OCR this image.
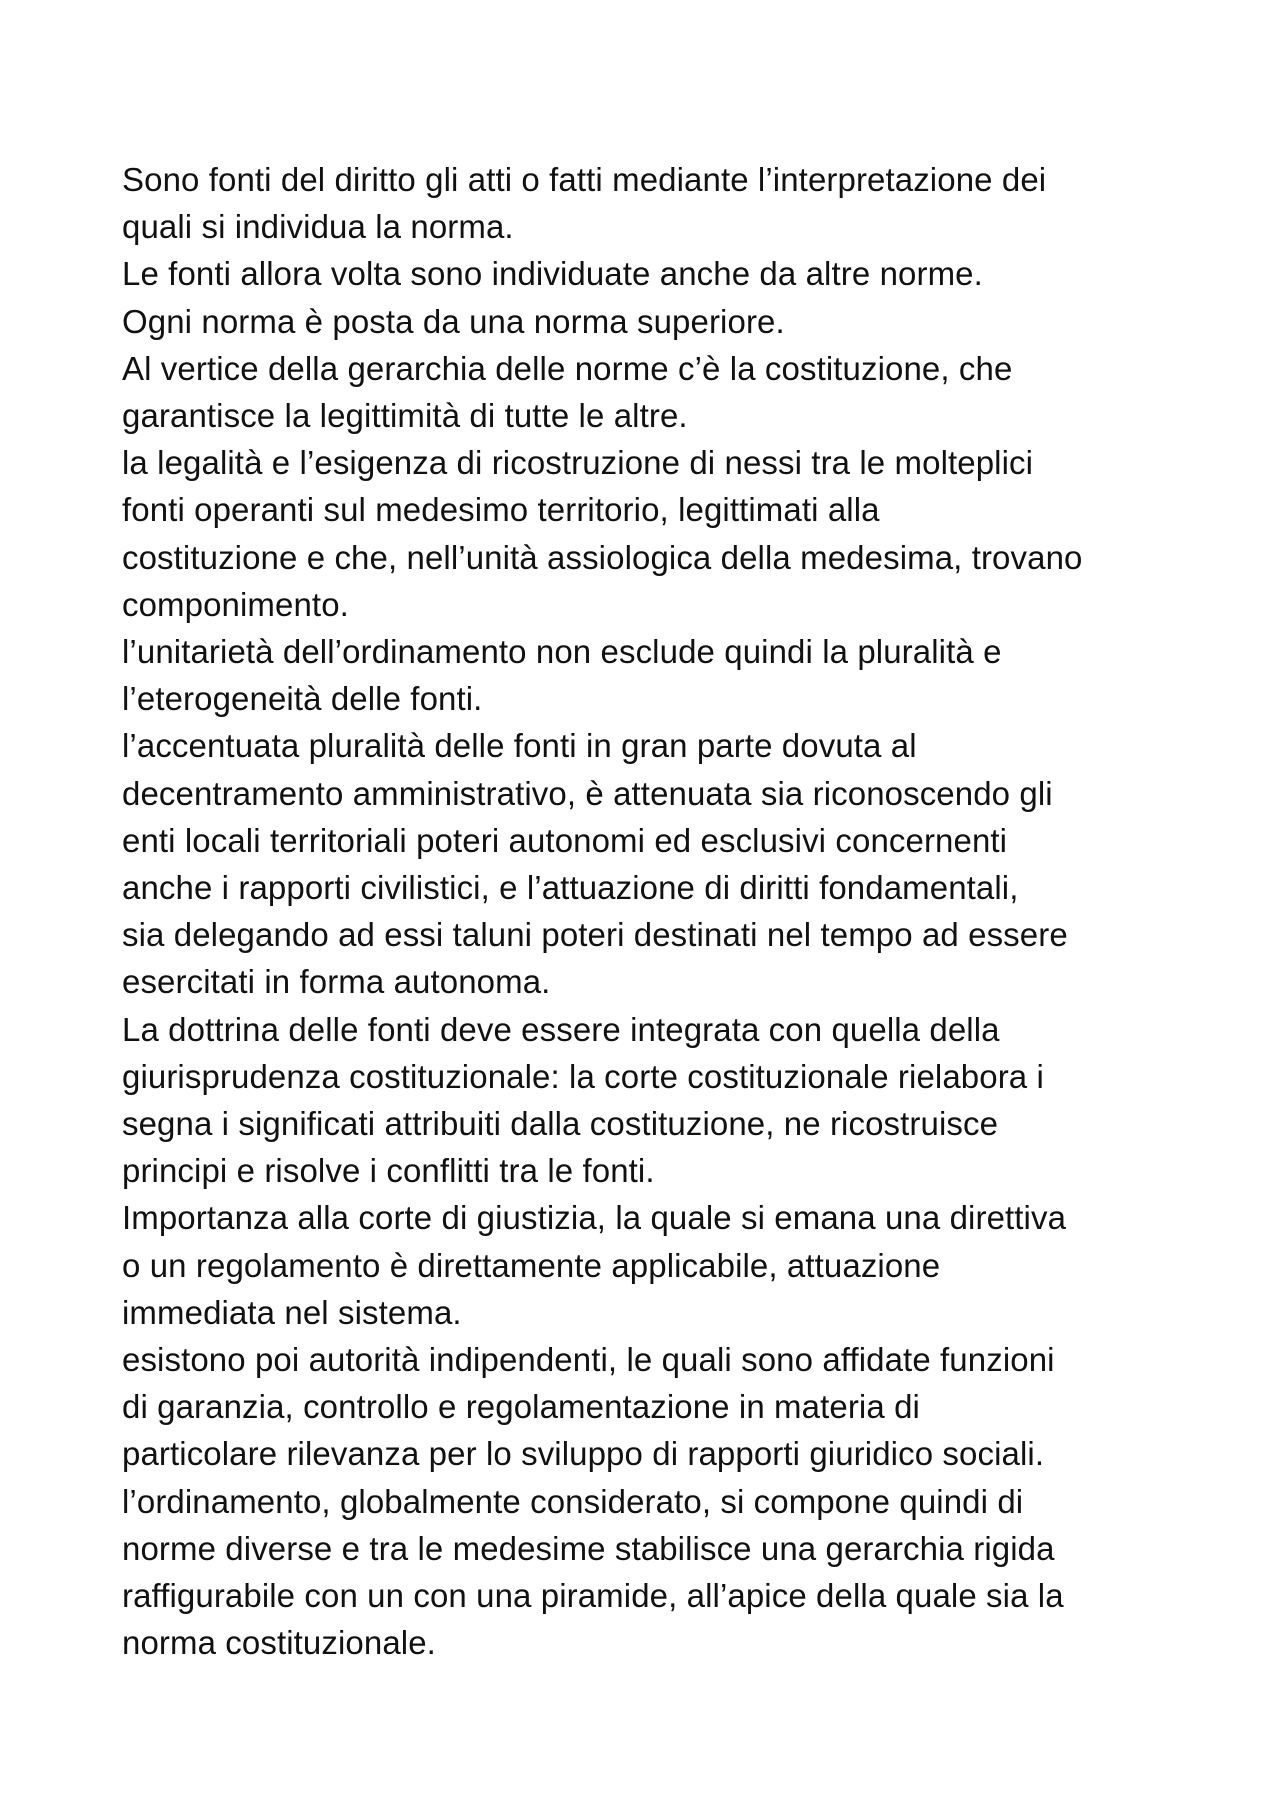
Sono fonti del diritto gli atti o fatti mediante l’interpretazione dei
quali si individua la norma.
Le fonti allora volta sono individuate anche da altre norme.
Ogni norma è posta da una norma superiore.
Al vertice della gerarchia delle norme c’è la costituzione, che
garantisce la legittimità di tutte le altre.
la legalità e l’esigenza di ricostruzione di nessi tra le molteplici
fonti operanti sul medesimo territorio, legittimati alla
costituzione e che, nell’unità assiologica della medesima, trovano
componimento.
l’unitarietà dell’ordinamento non esclude quindi la pluralità e
l’eterogeneità delle fonti.
l’accentuata pluralità delle fonti in gran parte dovuta al
decentramento amministrativo, è attenuata sia riconoscendo gli
enti locali territoriali poteri autonomi ed esclusivi concernenti
anche i rapporti civilistici, e l’attuazione di diritti fondamentali,
sia delegando ad essi taluni poteri destinati nel tempo ad essere
esercitati in forma autonoma.
La dottrina delle fonti deve essere integrata con quella della
giurisprudenza costituzionale: la corte costituzionale rielabora i
segna i significati attribuiti dalla costituzione, ne ricostruisce
principi e risolve i conflitti tra le fonti.
Importanza alla corte di giustizia, la quale si emana una direttiva
o un regolamento è direttamente applicabile, attuazione
immediata nel sistema.
esistono poi autorità indipendenti, le quali sono affidate funzioni
di garanzia, controllo e regolamentazione in materia di
particolare rilevanza per lo sviluppo di rapporti giuridico sociali.
l’ordinamento, globalmente considerato, si compone quindi di
norme diverse e tra le medesime stabilisce una gerarchia rigida
raffigurabile con un con una piramide, all’apice della quale sia la
norma costituzionale.
